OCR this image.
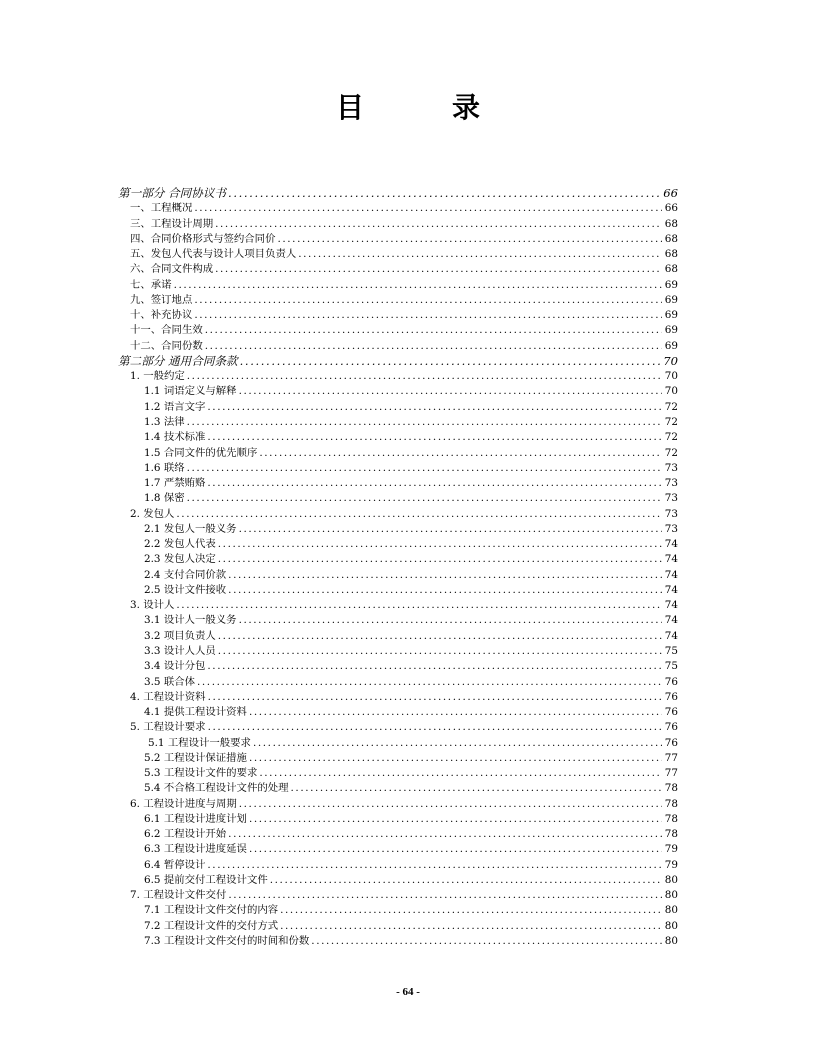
目　录
第一部分 合同协议书 .....	66
一、工程概况 .....	66
三、工程设计周期 .....	68
四、合同价格形式与签约合同价 .....	68
五、发包人代表与设计人项目负责人 .....	68
六、合同文件构成 .....	68
七、承诺 .....	69
九、签订地点 .....	69
十、补充协议 .....	69
十一、合同生效 .....	69
十二、合同份数 .....	69
第二部分 通用合同条款 .....	70
1. 一般约定 .....	70
1.1 词语定义与解释 .....	70
1.2 语言文字 .....	72
1.3 法律 .....	72
1.4 技术标准 .....	72
1.5 合同文件的优先顺序 .....	72
1.6 联络 .....	73
1.7 严禁贿赂 .....	73
1.8 保密 .....	73
2. 发包人 .....	73
2.1 发包人一般义务 .....	73
2.2 发包人代表 .....	74
2.3 发包人决定 .....	74
2.4 支付合同价款 .....	74
2.5 设计文件接收 .....	74
3. 设计人 .....	74
3.1 设计人一般义务 .....	74
3.2 项目负责人 .....	74
3.3 设计人人员 .....	75
3.4 设计分包 .....	75
3.5 联合体 .....	76
4. 工程设计资料 .....	76
4.1 提供工程设计资料 .....	76
5. 工程设计要求 .....	76
5.1 工程设计一般要求 .....	76
5.2 工程设计保证措施 .....	77
5.3 工程设计文件的要求 .....	77
5.4 不合格工程设计文件的处理 .....	78
6. 工程设计进度与周期 .....	78
6.1 工程设计进度计划 .....	78
6.2 工程设计开始 .....	78
6.3 工程设计进度延误 .....	79
6.4 暂停设计 .....	79
6.5 提前交付工程设计文件 .....	80
7. 工程设计文件交付 .....	80
7.1 工程设计文件交付的内容 .....	80
7.2 工程设计文件的交付方式 .....	80
7.3 工程设计文件交付的时间和份数 .....	80
- 64 -
